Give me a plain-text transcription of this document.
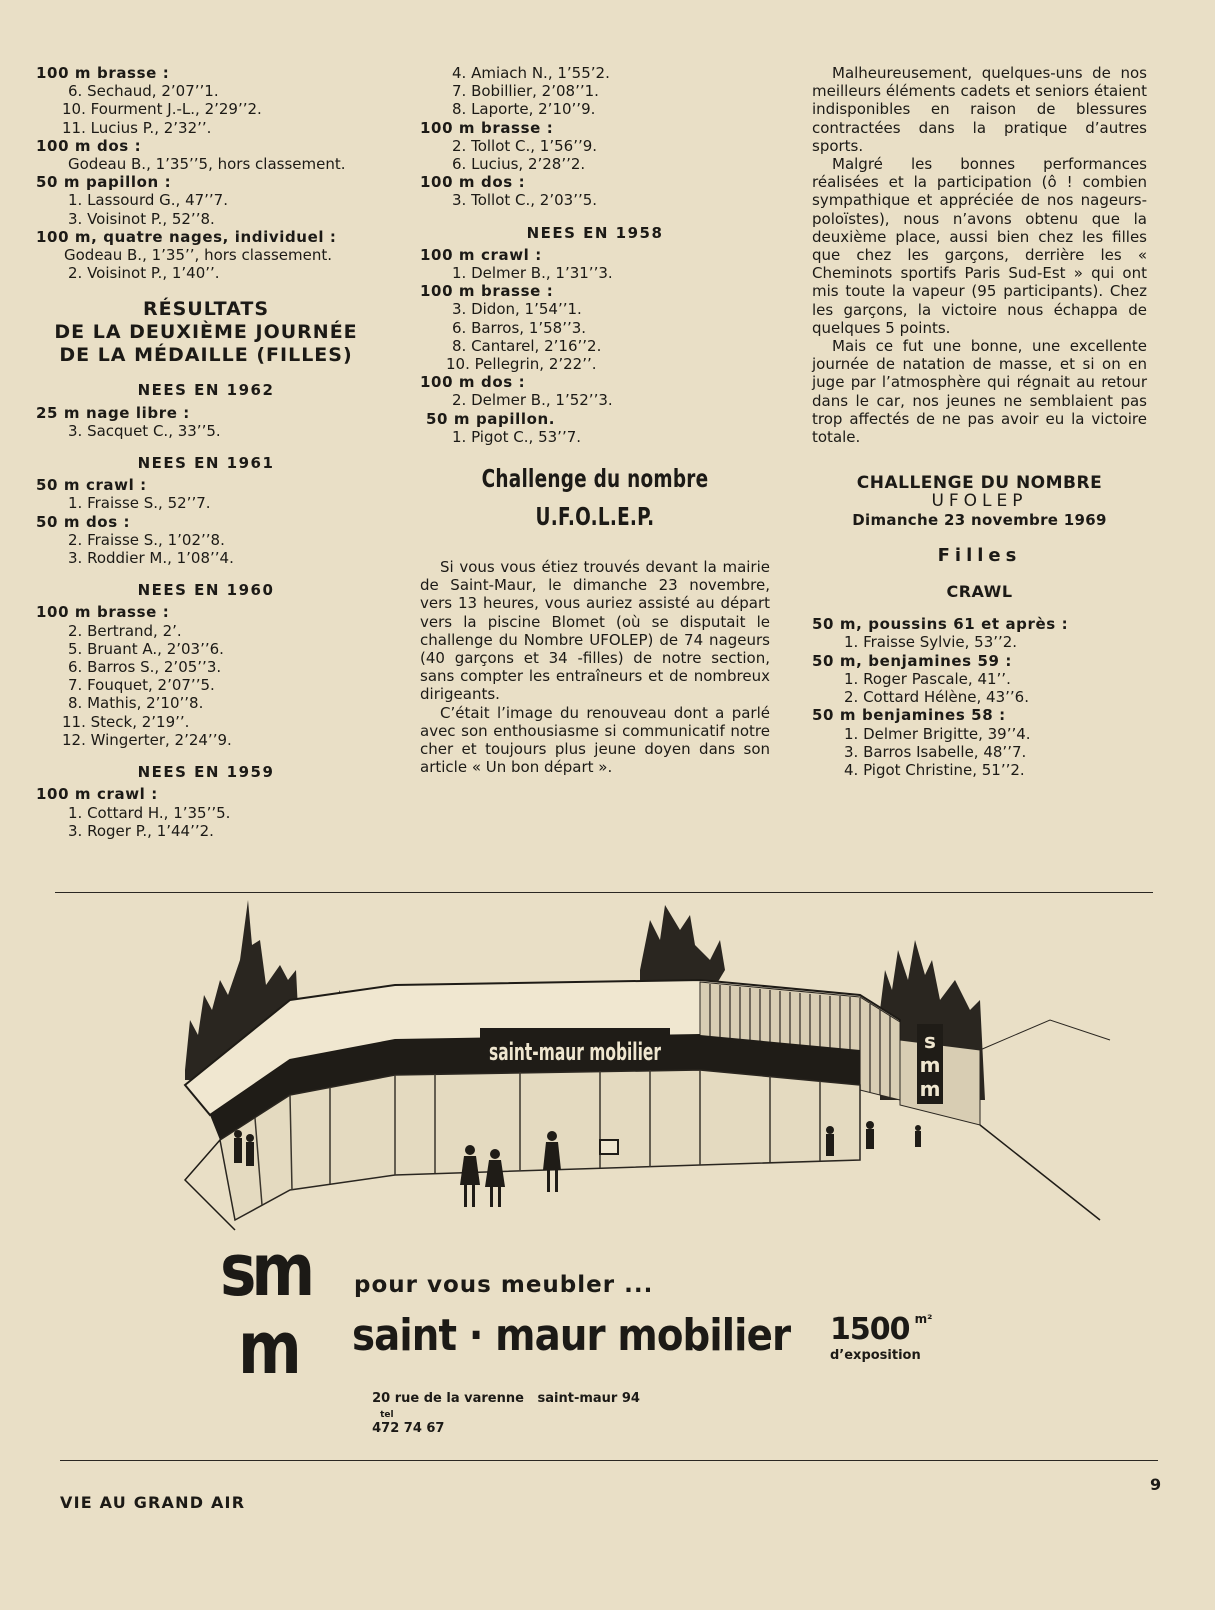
100 m brasse :
6. Sechaud, 2’07’’1.
10. Fourment J.-L., 2’29’’2.
11. Lucius P., 2’32’’.
100 m dos :
Godeau B., 1’35’’5, hors classement.
50 m papillon :
1. Lassourd G., 47’’7.
3. Voisinot P., 52’’8.
100 m, quatre nages, individuel :
Godeau B., 1’35’’, hors classement.
2. Voisinot P., 1’40’’.
RÉSULTATS
DE LA DEUXIÈME JOURNÉE
DE LA MÉDAILLE (FILLES)
NEES EN 1962
25 m nage libre :
3. Sacquet C., 33’’5.
NEES EN 1961
50 m crawl :
1. Fraisse S., 52’’7.
50 m dos :
2. Fraisse S., 1’02’’8.
3. Roddier M., 1’08’’4.
NEES EN 1960
100 m brasse :
2. Bertrand, 2’.
5. Bruant A., 2’03’’6.
6. Barros S., 2’05’’3.
7. Fouquet, 2’07’’5.
8. Mathis, 2’10’’8.
11. Steck, 2’19’’.
12. Wingerter, 2’24’’9.
NEES EN 1959
100 m crawl :
1. Cottard H., 1’35’’5.
3. Roger P., 1’44’’2.
4. Amiach N., 1’55’2.
7. Bobillier, 2’08’’1.
8. Laporte, 2’10’’9.
100 m brasse :
2. Tollot C., 1’56’’9.
6. Lucius, 2’28’’2.
100 m dos :
3. Tollot C., 2’03’’5.
NEES EN 1958
100 m crawl :
1. Delmer B., 1’31’’3.
100 m brasse :
3. Didon, 1’54’’1.
6. Barros, 1’58’’3.
8. Cantarel, 2’16’’2.
10. Pellegrin, 2’22’’.
100 m dos :
2. Delmer B., 1’52’’3.
50 m papillon.
1. Pigot C., 53’’7.
Challenge du nombre
U.F.O.L.E.P.
Si vous vous étiez trouvés devant la mairie de Saint-Maur, le dimanche 23 novembre, vers 13 heures, vous auriez assisté au départ vers la piscine Blomet (où se disputait le challenge du Nombre UFOLEP) de 74 nageurs (40 garçons et 34 -filles) de notre section, sans compter les entraîneurs et de nombreux dirigeants.
C’était l’image du renouveau dont a parlé avec son enthousiasme si communicatif notre cher et toujours plus jeune doyen dans son article « Un bon départ ».
Malheureusement, quelques-uns de nos meilleurs éléments cadets et seniors étaient indisponibles en raison de blessures contractées dans la pratique d’autres sports.
Malgré les bonnes performances réalisées et la participation (ô ! combien sympathique et appréciée de nos nageurs-poloïstes), nous n’avons obtenu que la deuxième place, aussi bien chez les filles que chez les garçons, derrière les « Cheminots sportifs Paris Sud-Est » qui ont mis toute la vapeur (95 participants). Chez les garçons, la victoire nous échappa de quelques 5 points.
Mais ce fut une bonne, une excellente journée de natation de masse, et si on en juge par l’atmosphère qui régnait au retour dans le car, nos jeunes ne semblaient pas trop affectés de ne pas avoir eu la victoire totale.
CHALLENGE DU NOMBRE
UFOLEP
Dimanche 23 novembre 1969
Filles
CRAWL
50 m, poussins 61 et après :
1. Fraisse Sylvie, 53’’2.
50 m, benjamines 59 :
1. Roger Pascale, 41’’.
2. Cottard Hélène, 43’’6.
50 m benjamines 58 :
1. Delmer Brigitte, 39’’4.
3. Barros Isabelle, 48’’7.
4. Pigot Christine, 51’’2.
saint-maur mobilier	s
m
m
sm
m
pour vous meubler ...
saint · maur mobilier 1500 $^{m^2}$
d’exposition

20 rue de la varenne   saint-maur 94
tel
472 74 67

VIE AU GRAND AIR
9
